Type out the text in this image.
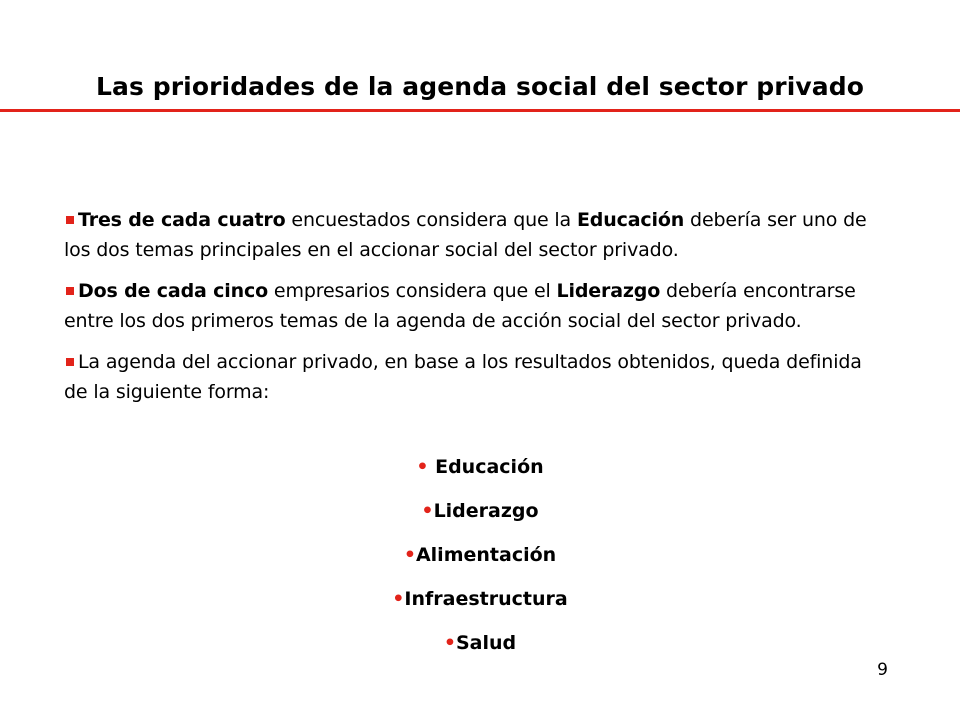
Las prioridades de la agenda social del sector privado

Tres de cada cuatro encuestados considera que la Educación debería ser uno de los dos temas principales en el accionar social del sector privado.

Dos de cada cinco empresarios considera que el Liderazgo debería encontrarse entre los dos primeros temas de la agenda de acción social del sector privado.

La agenda del accionar privado, en base a los resultados obtenidos, queda definida de la siguiente forma:

• Educación
•Liderazgo
•Alimentación
•Infraestructura
•Salud
9
